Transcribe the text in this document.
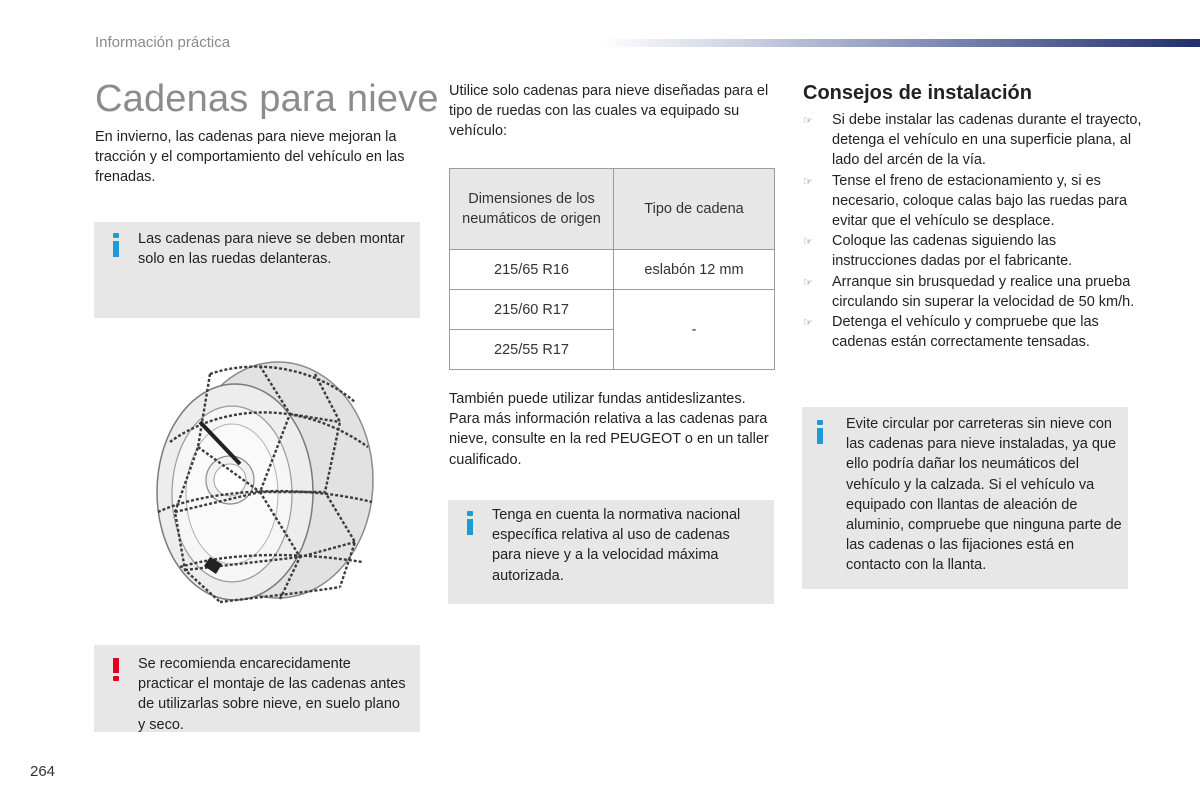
Información práctica
Cadenas para nieve
En invierno, las cadenas para nieve mejoran la tracción y el comportamiento del vehículo en las frenadas.
Las cadenas para nieve se deben montar solo en las ruedas delanteras.
Se recomienda encarecidamente practicar el montaje de las cadenas antes de utilizarlas sobre nieve, en suelo plano y seco.
Utilice solo cadenas para nieve diseñadas para el tipo de ruedas con las cuales va equipado su vehículo:
Dimensiones de los neumáticos de origen	Tipo de cadena
215/65 R16	eslabón 12 mm
215/60 R17	-
225/55 R17	
También puede utilizar fundas antideslizantes. Para más información relativa a las cadenas para nieve, consulte en la red PEUGEOT o en un taller cualificado.
Tenga en cuenta la normativa nacional específica relativa al uso de cadenas para nieve y a la velocidad máxima autorizada.
Consejos de instalación
☞ Si debe instalar las cadenas durante el trayecto, detenga el vehículo en una superficie plana, al lado del arcén de la vía.
☞ Tense el freno de estacionamiento y, si es necesario, coloque calas bajo las ruedas para evitar que el vehículo se desplace.
☞ Coloque las cadenas siguiendo las instrucciones dadas por el fabricante.
☞ Arranque sin brusquedad y realice una prueba circulando sin superar la velocidad de 50 km/h.
☞ Detenga el vehículo y compruebe que las cadenas están correctamente tensadas.
Evite circular por carreteras sin nieve con las cadenas para nieve instaladas, ya que ello podría dañar los neumáticos del vehículo y la calzada. Si el vehículo va equipado con llantas de aleación de aluminio, compruebe que ninguna parte de las cadenas o las fijaciones está en contacto con la llanta.
264
